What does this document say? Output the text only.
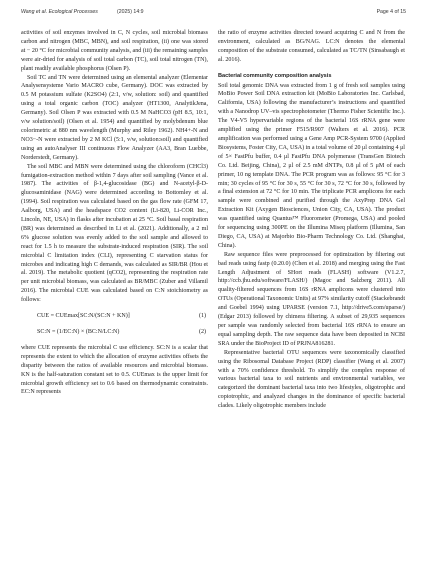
Wang et al. Ecological Processes	(2025) 14:9	Page 4 of 15

activities of soil enzymes involved in C, N cycles, soil microbial biomass carbon and nitrogen (MBC, MBN), and soil respiration, (ii) one was stored at − 20 °C for microbial community analysis, and (iii) the remaining samples were air-dried for analysis of soil total carbon (TC), soil total nitrogen (TN), plant readily available phosphorus (Olsen P).

Soil TC and TN were determined using an elemental analyzer (Elementar Analysensysteme Vario MACRO cube, Germany). DOC was extracted by 0.5 M potassium sulfate (K2SO4) (2:1, v/w, solution: soil) and quantified using a total organic carbon (TOC) analyzer (HT1300, AnalytikJena, Germany). Soil Olsen P was extracted with 0.5 M NaHCO3 (pH 8.5, 10:1, v/w solution/soil) (Olsen et al. 1954) and quantified by molybdenum blue colorimetric at 880 nm wavelength (Murphy and Riley 1962). NH4+-N and NO3−-N were extracted by 2 M KCl (5:1, v/w, solution:soil) and quantified using an autoAnalyser III continuous Flow Analyzer (AA3, Bran Luebbe, Norderstedt, Germany).

The soil MBC and MBN were determined using the chloroform (CHCl3) fumigation-extraction method within 7 days after soil sampling (Vance et al. 1987). The activities of β-1,4-glucosidase (BG) and N-acetyl-β-D-glucosaminidase (NAG) were determined according to Bottomley et al. (1994). Soil respiration was calculated based on the gas flow rate (GFM 17, Aalborg, USA) and the headspace CO2 content (Li-820, Li-COR Inc., Lincoln, NE, USA) in flasks after incubation at 25 °C. Soil basal respiration (BR) was determined as described in Li et al. (2021). Additionally, a 2 ml 6% glucose solution was evenly added to the soil sample and allowed to react for 1.5 h to measure the substrate-induced respiration (SIR). The soil microbial C limitation index (CLI), representing C starvation status for microbes and indicating high C demands, was calculated as SIR/BR (Hou et al. 2019). The metabolic quotient (qCO2), representing the respiration rate per unit microbial biomass, was calculated as BR/MBC (Zuber and Villamil 2016). The microbial CUE was calculated based on C:N stoichiometry as follows:

CUE = CUEmax[SC:N/(SC:N + KN)]	(1)
SC:N = (1/EC:N) × (BC:N/LC:N)	(2)

where CUE represents the microbial C use efficiency. SC:N is a scalar that represents the extent to which the allocation of enzyme activities offsets the disparity between the ratios of available resources and microbial biomass. KN is the half-saturation constant set to 0.5. CUEmax is the upper limit for microbial growth efficiency set to 0.6 based on thermodynamic constraints. EC:N represents

the ratio of enzyme activities directed toward acquiring C and N from the environment, calculated as BG/NAG. LC:N denotes the elemental composition of the substrate consumed, calculated as TC/TN (Sinsabaugh et al. 2016).

Bacterial community composition analysis

Soil total genomic DNA was extracted from 1 g of fresh soil samples using MoBio Power Soil DNA extraction kit (MoBio Laboratories Inc. Carlsbad, California, USA) following the manufacturer’s instructions and quantified with a Nanodrop UV–vis spectrophotometer (Thermo Fisher Scientific Inc.). The V4-V5 hypervariable regions of the bacterial 16S rRNA gene were amplified using the primer F515/R907 (Walters et al. 2016). PCR amplification was performed using a Gene Amp PCR-System 9700 (Applied Biosystems, Foster City, CA, USA) in a total volume of 20 μl containing 4 μl of 5× FastPfu buffer, 0.4 μl FastPfu DNA polymerase (TransGen Biotech Co. Ltd. Beijing, China), 2 μl of 2.5 mM dNTPs, 0.8 μl of 5 μM of each primer, 10 ng template DNA. The PCR program was as follows: 95 °C for 3 min; 30 cycles of 95 °C for 30 s, 55 °C for 30 s, 72 °C for 30 s, followed by a final extension at 72 °C for 10 min. The triplicate PCR amplicons for each sample were combined and purified through the AxyPrep DNA Gel Extraction Kit (Axygen Biosciences, Union City, CA, USA). The product was quantified using Quantus™ Fluorometer (Promega, USA) and pooled for sequencing using 300PE on the Illumina Miseq platform (Illumina, San Diego, CA, USA) at Majorbio Bio-Pharm Technology Co. Ltd. (Shanghai, China).

Raw sequence files were preprocessed for optimization by filtering out bad reads using fastp (0.20.0) (Chen et al. 2018) and merging using the Fast Length Adjustment of SHort reads (FLASH) software (V1.2.7, http://ccb.jhu.edu/software/FLASH/) (Magoc and Salzberg 2011). All quality-filtered sequences from 16S rRNA amplicons were clustered into OTUs (Operational Taxonomic Units) at 97% similarity cutoff (Stackebrandt and Goebel 1994) using UPARSE (version 7.1, http://drive5.com/uparse/) (Edgar 2013) followed by chimera filtering. A subset of 29,935 sequences per sample was randomly selected from bacterial 16S rRNA to ensure an equal sampling depth. The raw sequence data have been deposited in NCBI SRA under the BioProject ID of PRJNA816281.

Representative bacterial OTU sequences were taxonomically classified using the Ribosomal Database Project (RDP) classifier (Wang et al. 2007) with a 70% confidence threshold. To simplify the complex response of various bacterial taxa to soil nutrients and environmental variables, we categorized the dominant bacterial taxa into two lifestyles, oligotrophic and copiotrophic, and analyzed changes in the dominance of specific bacterial clades. Likely oligotrophic members include
